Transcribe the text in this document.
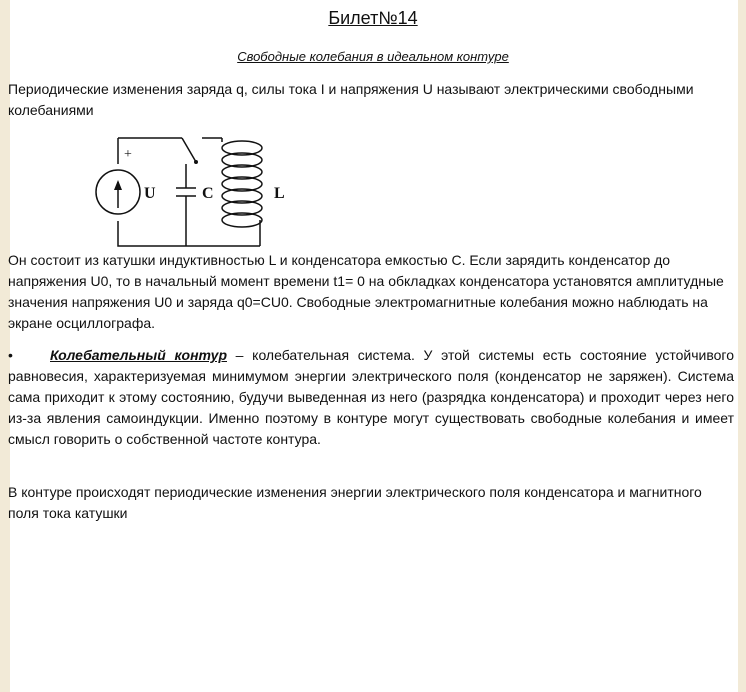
Билет№14
Свободные колебания в идеальном контуре
Периодические изменения заряда q, силы тока I и напряжения U называют электрическими свободными колебаниями
+
U	C	L
Он состоит из катушки индуктивностью L и конденсатора емкостью C. Если зарядить конденсатор до напряжения U0, то в начальный момент времени t1= 0 на обкладках конденсатора установятся амплитудные значения напряжения U0 и заряда q0=CU0. Свободные электромагнитные колебания можно наблюдать на экране осциллографа.
•	Колебательный контур – колебательная система. У этой системы есть состояние устойчивого равновесия, характеризуемая минимумом энергии электрического поля (конденсатор не заряжен). Система сама приходит к этому состоянию, будучи выведенная из него (разрядка конденсатора) и проходит через него из-за явления самоиндукции. Именно поэтому в контуре могут существовать свободные колебания и имеет смысл говорить о собственной частоте контура.
В контуре происходят периодические изменения энергии электрического поля конденсатора и магнитного поля тока катушки
